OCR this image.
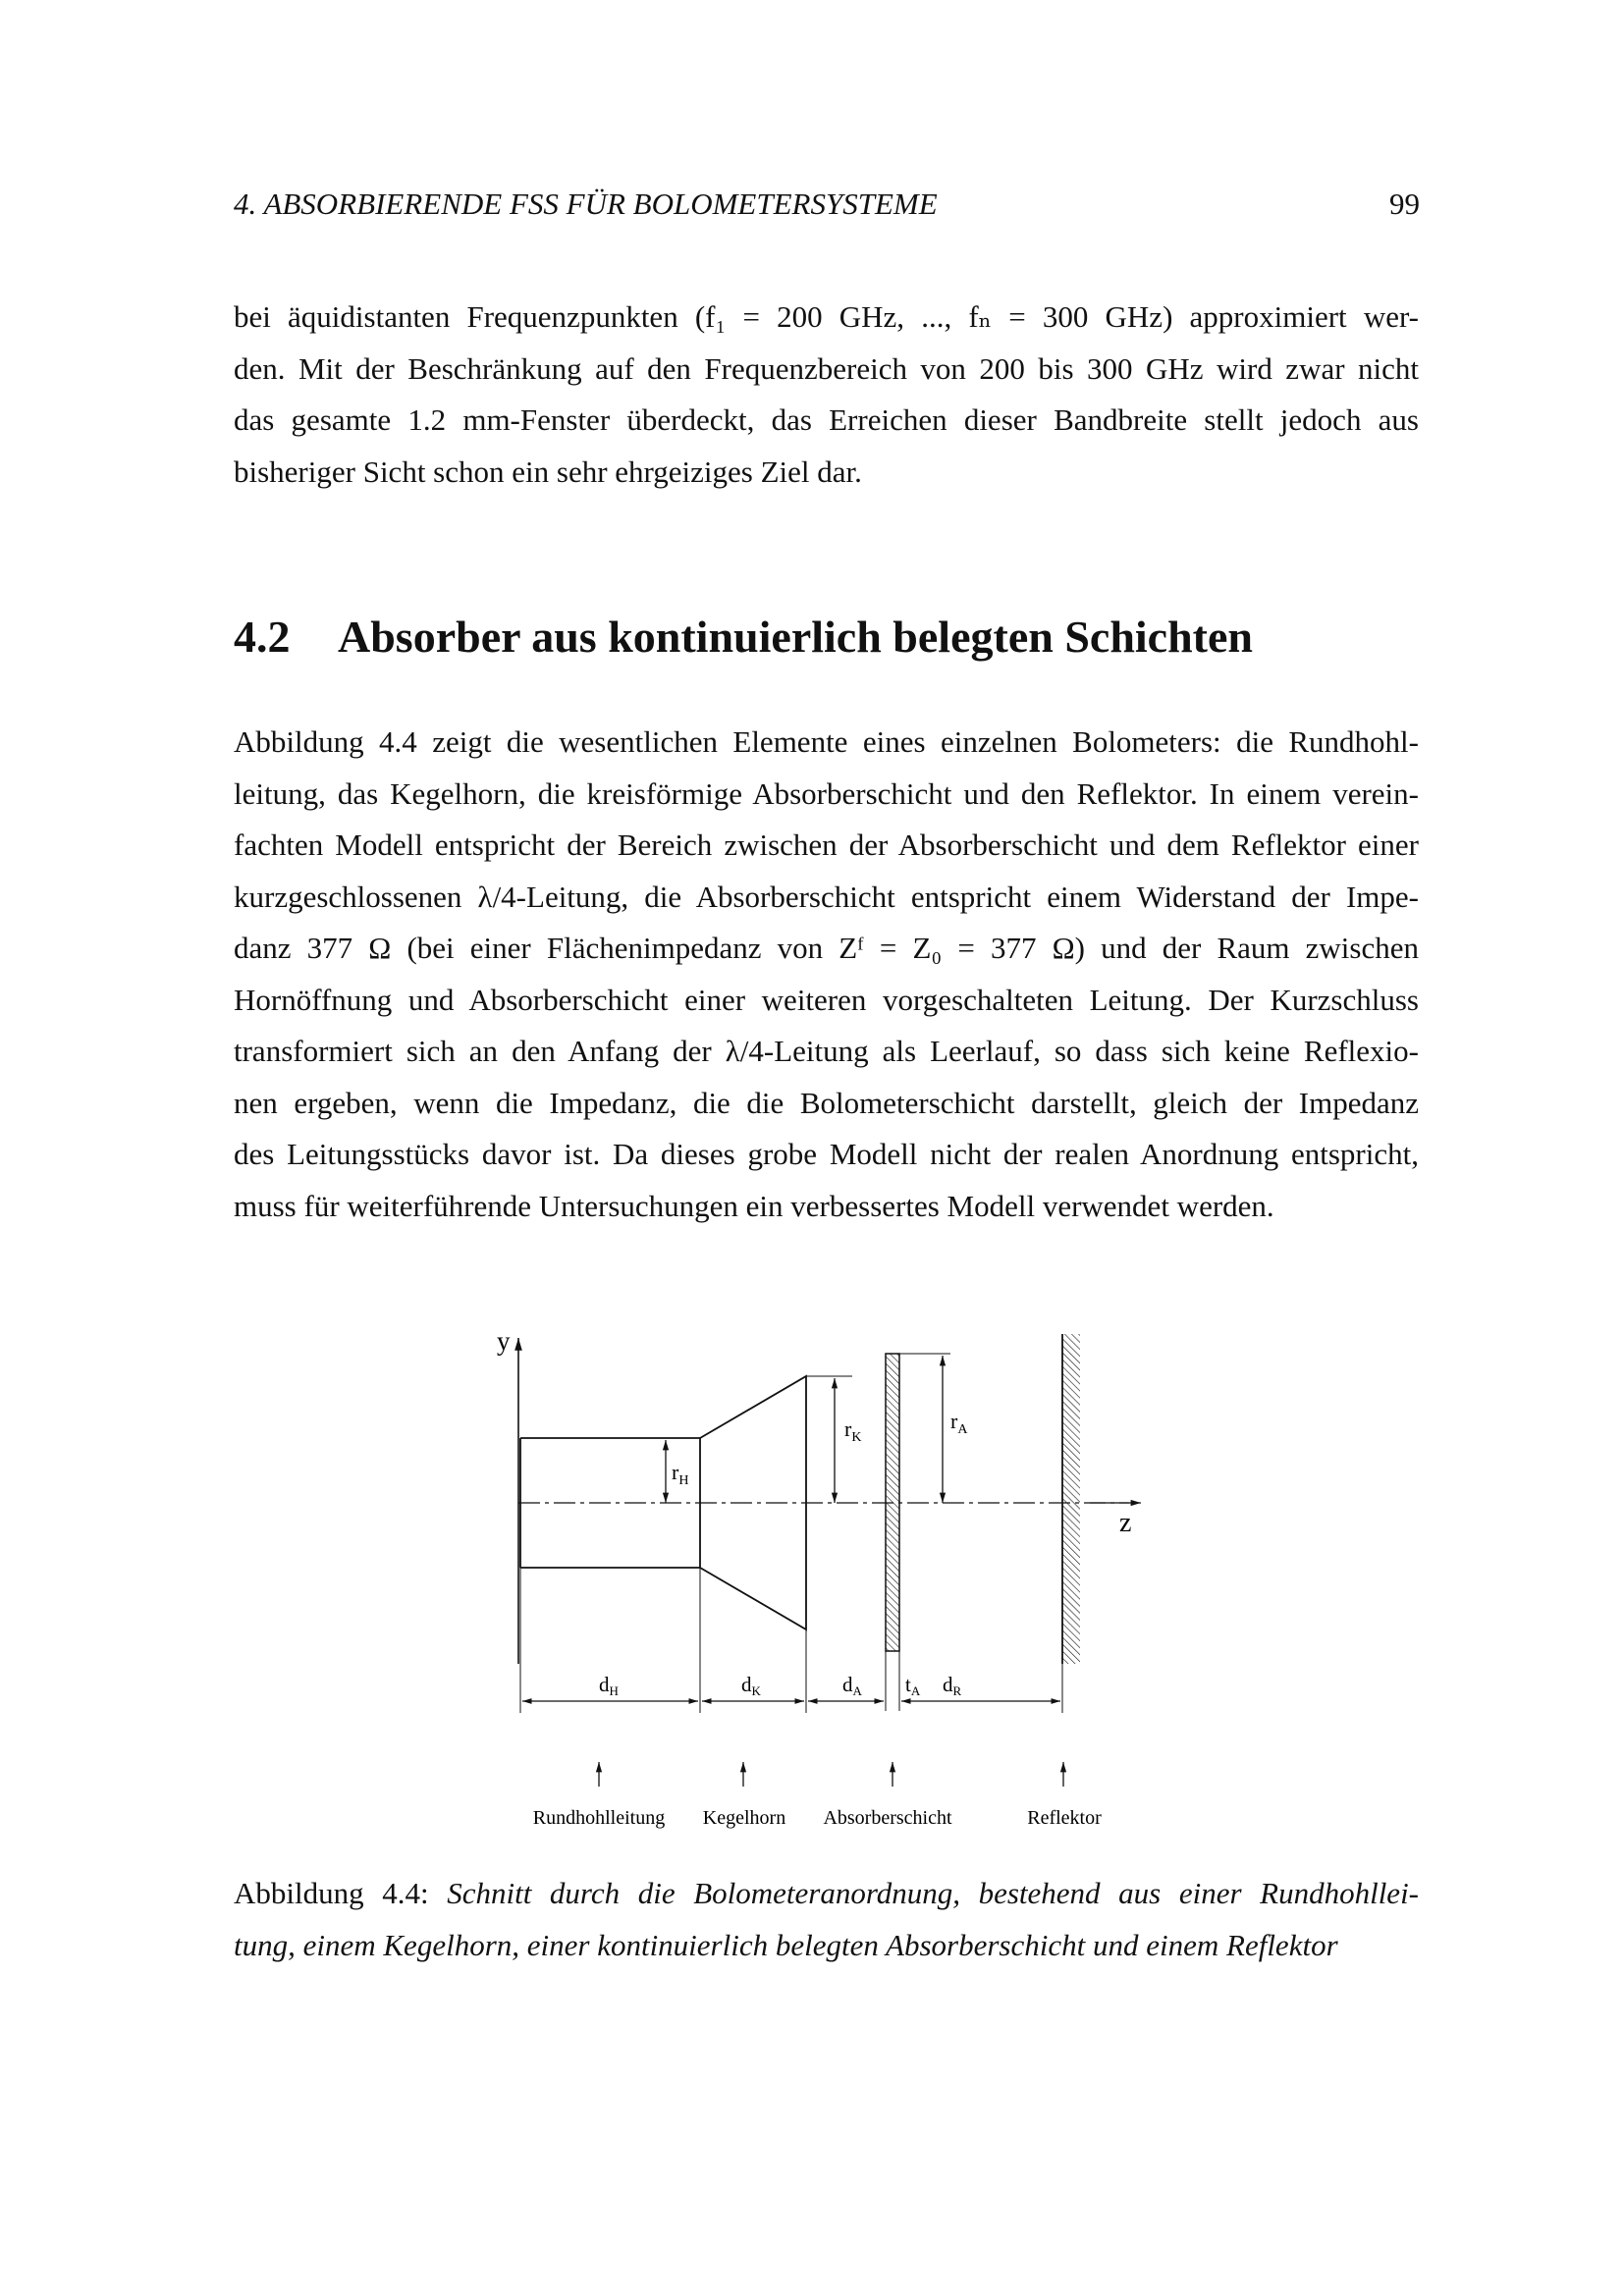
4. ABSORBIERENDE FSS FÜR BOLOMETERSYSTEME	99
bei äquidistanten Frequenzpunkten (f₁ = 200 GHz, ..., fₙ = 300 GHz) approximiert wer-
den. Mit der Beschränkung auf den Frequenzbereich von 200 bis 300 GHz wird zwar nicht
das gesamte 1.2 mm-Fenster überdeckt, das Erreichen dieser Bandbreite stellt jedoch aus
bisheriger Sicht schon ein sehr ehrgeiziges Ziel dar.
4.2 Absorber aus kontinuierlich belegten Schichten
Abbildung 4.4 zeigt die wesentlichen Elemente eines einzelnen Bolometers: die Rundhohl-
leitung, das Kegelhorn, die kreisförmige Absorberschicht und den Reflektor. In einem verein-
fachten Modell entspricht der Bereich zwischen der Absorberschicht und dem Reflektor einer
kurzgeschlossenen λ/4-Leitung, die Absorberschicht entspricht einem Widerstand der Impe-
danz 377 Ω (bei einer Flächenimpedanz von Zᶠ = Z₀ = 377 Ω) und der Raum zwischen
Hornöffnung und Absorberschicht einer weiteren vorgeschalteten Leitung. Der Kurzschluss
transformiert sich an den Anfang der λ/4-Leitung als Leerlauf, so dass sich keine Reflexio-
nen ergeben, wenn die Impedanz, die die Bolometerschicht darstellt, gleich der Impedanz
des Leitungsstücks davor ist. Da dieses grobe Modell nicht der realen Anordnung entspricht,
muss für weiterführende Untersuchungen ein verbessertes Modell verwendet werden.
y
z
$r_H$
$r_K$
$r_A$
dH	dK	dA tA dR
Rundhohlleitung Kegelhorn Absorberschicht	Reflektor
Abbildung 4.4: Schnitt durch die Bolometeranordnung, bestehend aus einer Rundhohllei-
tung, einem Kegelhorn, einer kontinuierlich belegten Absorberschicht und einem Reflektor
